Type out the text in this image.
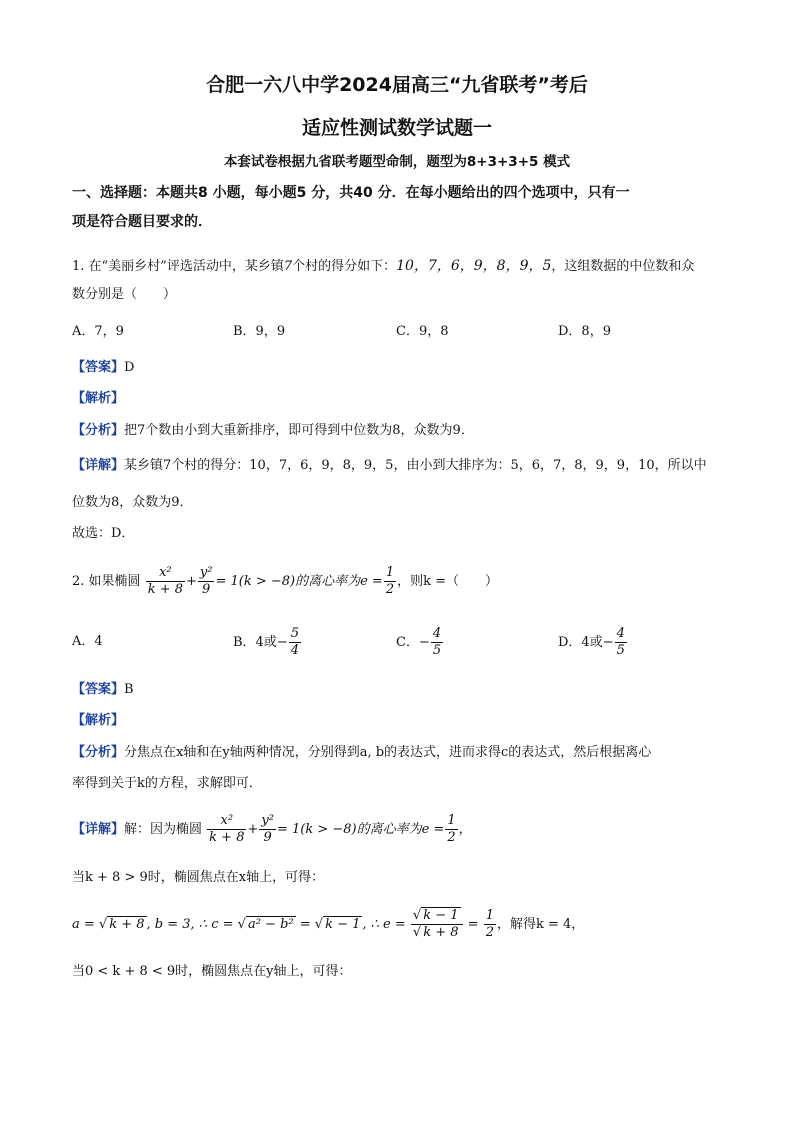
合肥一六八中学2024届高三“九省联考”考后
适应性测试数学试题一
本套试卷根据九省联考题型命制，题型为8+3+3+5 模式
一、选择题：本题共8 小题，每小题5 分，共40 分．在每小题给出的四个选项中，只有一
项是符合题目要求的．
1. 在“美丽乡村”评选活动中，某乡镇7个村的得分如下：10，7，6，9，8，9，5，这组数据的中位数和众
数分别是（　　）
A．7，9	B．9，9	C．9，8	D．8，9
【答案】D
【解析】
【分析】把7个数由小到大重新排序，即可得到中位数为8，众数为9．
【详解】某乡镇7个村的得分：10，7，6，9，8，9，5，由小到大排序为：5，6，7，8，9，9，10，所以中
位数为8，众数为9．
故选：D．
2. 如果椭圆 $\frac{\text{x²}}{k + 8} + \frac{\text{y²}}{9} = 1(k > -8)$的离心率为$e = \frac{1}{2}$ ，则k =（　　）
A．4	B．4或− $\frac{5}{4}$	C．− $\frac{4}{5}$	D．4或− $\frac{4}{5}$
【答案】B
【解析】
【分析】分焦点在x轴和在y轴两种情况，分别得到a, b的表达式，进而求得c的表达式，然后根据离心
率得到关于k的方程，求解即可．
【详解】解：因为椭圆 $\frac{\text{x²}}{k + 8} + \frac{\text{y²}}{9} = 1(k > -8)$的离心率为$e = \frac{1}{2}$ ，
当k + 8 > 9时，椭圆焦点在x轴上，可得：
a = √ k + 8 , b = 3, ∴ c = √ a² − b² = √ k − 1 , ∴ $e = \frac{√ k - 1}{√ k + 8} = \frac{1}{2}$ ，解得k = 4，
当0 < k + 8 < 9时，椭圆焦点在y轴上，可得：
